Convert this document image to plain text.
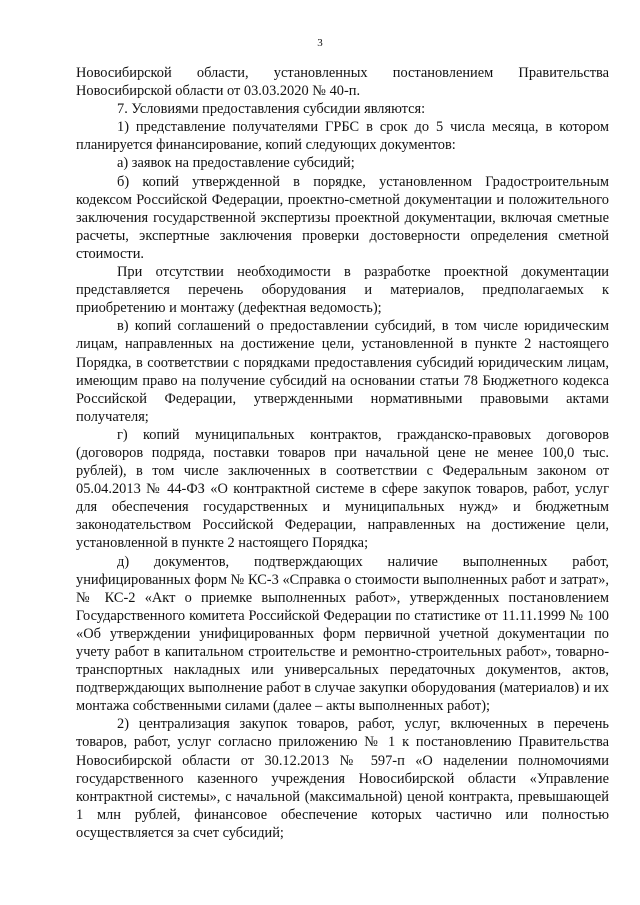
3

Новосибирской области, установленных постановлением Правительства Новосибирской области от 03.03.2020 № 40-п.

7. Условиями предоставления субсидии являются:

1) представление получателями ГРБС в срок до 5 числа месяца, в котором планируется финансирование, копий следующих документов:

а) заявок на предоставление субсидий;

б) копий утвержденной в порядке, установленном Градостроительным кодексом Российской Федерации, проектно-сметной документации и положительного заключения государственной экспертизы проектной документации, включая сметные расчеты, экспертные заключения проверки достоверности определения сметной стоимости.

При отсутствии необходимости в разработке проектной документации представляется перечень оборудования и материалов, предполагаемых к приобретению и монтажу (дефектная ведомость);

в) копий соглашений о предоставлении субсидий, в том числе юридическим лицам, направленных на достижение цели, установленной в пункте 2 настоящего Порядка, в соответствии с порядками предоставления субсидий юридическим лицам, имеющим право на получение субсидий на основании статьи 78 Бюджетного кодекса Российской Федерации, утвержденными нормативными правовыми актами получателя;

г) копий муниципальных контрактов, гражданско-правовых договоров (договоров подряда, поставки товаров при начальной цене не менее 100,0 тыс. рублей), в том числе заключенных в соответствии с Федеральным законом от 05.04.2013 № 44-ФЗ «О контрактной системе в сфере закупок товаров, работ, услуг для обеспечения государственных и муниципальных нужд» и бюджетным законодательством Российской Федерации, направленных на достижение цели, установленной в пункте 2 настоящего Порядка;

д) документов, подтверждающих наличие выполненных работ, унифицированных форм № КС-3 «Справка о стоимости выполненных работ и затрат», № КС-2 «Акт о приемке выполненных работ», утвержденных постановлением Государственного комитета Российской Федерации по статистике от 11.11.1999 № 100 «Об утверждении унифицированных форм первичной учетной документации по учету работ в капитальном строительстве и ремонтно-строительных работ», товарно-транспортных накладных или универсальных передаточных документов, актов, подтверждающих выполнение работ в случае закупки оборудования (материалов) и их монтажа собственными силами (далее – акты выполненных работ);

2) централизация закупок товаров, работ, услуг, включенных в перечень товаров, работ, услуг согласно приложению № 1 к постановлению Правительства Новосибирской области от 30.12.2013 № 597-п «О наделении полномочиями государственного казенного учреждения Новосибирской области «Управление контрактной системы», с начальной (максимальной) ценой контракта, превышающей 1 млн рублей, финансовое обеспечение которых частично или полностью осуществляется за счет субсидий;
